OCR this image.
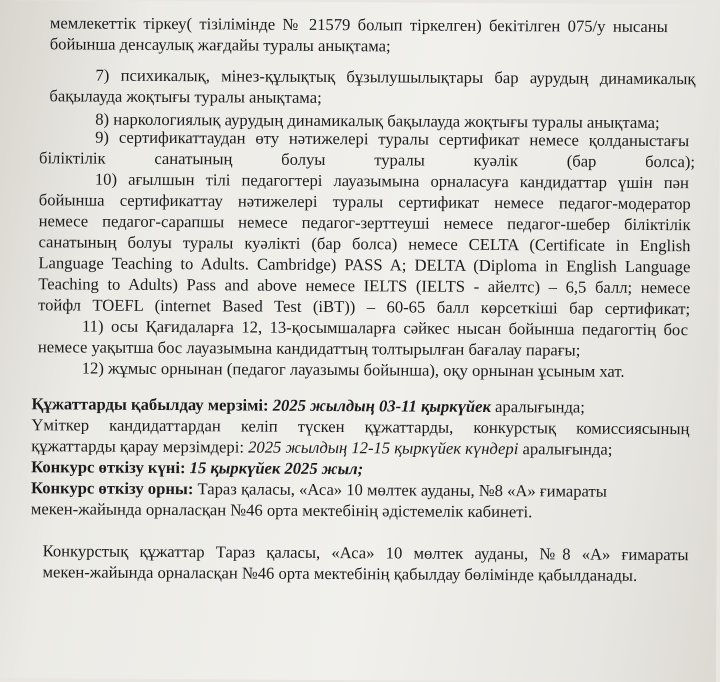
мемлекеттік тіркеу( тізілімінде № 21579 болып тіркелген) бекітілген 075/у нысаны
бойынша денсаулық жағдайы туралы анықтама;
7) психикалық, мінез-құлықтық бұзылушылықтары бар аурудың динамикалық
бақылауда жоқтығы туралы анықтама;
8) наркологиялық аурудың динамикалық бақылауда жоқтығы туралы анықтама;
9) сертификаттаудан өту нәтижелері туралы сертификат немесе қолданыстағы
біліктілік санатының болуы туралы куәлік (бар болса);
10) ағылшын тілі педагогтері лауазымына орналасуға кандидаттар үшін пән
бойынша сертификаттау нәтижелері туралы сертификат немесе педагог-модератор
немесе педагог-сарапшы немесе педагог-зерттеуші немесе педагог-шебер біліктілік
санатының болуы туралы куәлікті (бар болса) немесе CELTA (Certificate in English
Language Teaching to Adults. Cambridge) PASS A; DELTA (Diploma in English Language
Teaching to Adults) Pass and above немесе IELTS (IELTS - айелтс) – 6,5 балл; немесе
тойфл TOEFL (internet Based Test (iBT)) – 60-65 балл көрсеткіші бар сертификат;
11) осы Қағидаларға 12, 13-қосымшаларға сәйкес нысан бойынша педагогтің бос
немесе уақытша бос лауазымына кандидаттың толтырылған бағалау парағы;
12) жұмыс орнынан (педагог лауазымы бойынша), оқу орнынан ұсыным хат.
Құжаттарды қабылдау мерзімі: 2025 жылдың 03-11 қыркүйек аралығында;
Үміткер кандидаттардан келіп түскен құжаттарды, конкурстық комиссиясының
құжаттарды қарау мерзімдері: 2025 жылдың 12-15 қыркүйек күндері аралығында;
Конкурс өткізу күні: 15 қыркүйек 2025 жыл;
Конкурс өткізу орны: Тараз қаласы, «Аса» 10 мөлтек ауданы, №8 «А» ғимараты
мекен-жайында орналасқан №46 орта мектебінің әдістемелік кабинеті.
Конкурстық құжаттар Тараз қаласы, «Аса» 10 мөлтек ауданы, №8 «А» ғимараты
мекен-жайында орналасқан №46 орта мектебінің қабылдау бөлімінде қабылданады.
